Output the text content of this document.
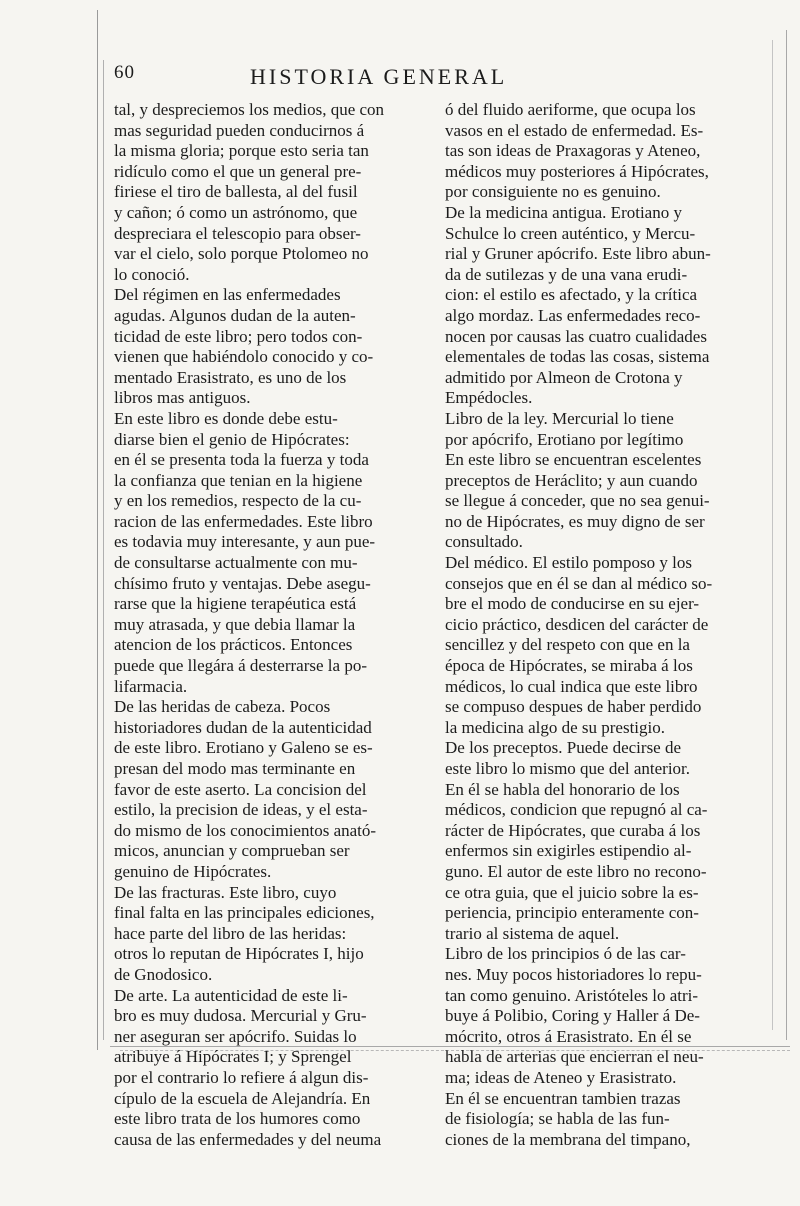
60	HISTORIA GENERAL
tal, y despreciemos los medios, que con
mas seguridad pueden conducirnos á
la misma gloria; porque esto seria tan
ridículo como el que un general pre-
firiese el tiro de ballesta, al del fusil
y cañon; ó como un astrónomo, que
despreciara el telescopio para obser-
var el cielo, solo porque Ptolomeo no
lo conoció.
Del régimen en las enfermedades
agudas. Algunos dudan de la auten-
ticidad de este libro; pero todos con-
vienen que habiéndolo conocido y co-
mentado Erasistrato, es uno de los
libros mas antiguos.
En este libro es donde debe estu-
diarse bien el genio de Hipócrates:
en él se presenta toda la fuerza y toda
la confianza que tenian en la higiene
y en los remedios, respecto de la cu-
racion de las enfermedades. Este libro
es todavia muy interesante, y aun pue-
de consultarse actualmente con mu-
chísimo fruto y ventajas. Debe asegu-
rarse que la higiene terapéutica está
muy atrasada, y que debia llamar la
atencion de los prácticos. Entonces
puede que llegára á desterrarse la po-
lifarmacia.
De las heridas de cabeza. Pocos
historiadores dudan de la autenticidad
de este libro. Erotiano y Galeno se es-
presan del modo mas terminante en
favor de este aserto. La concision del
estilo, la precision de ideas, y el esta-
do mismo de los conocimientos anató-
micos, anuncian y comprueban ser
genuino de Hipócrates.
De las fracturas. Este libro, cuyo
final falta en las principales ediciones,
hace parte del libro de las heridas:
otros lo reputan de Hipócrates I, hijo
de Gnodosico.
De arte. La autenticidad de este li-
bro es muy dudosa. Mercurial y Gru-
ner aseguran ser apócrifo. Suidas lo
atribuye á Hipócrates I; y Sprengel
por el contrario lo refiere á algun dis-
cípulo de la escuela de Alejandría. En
este libro trata de los humores como
causa de las enfermedades y del neuma
ó del fluido aeriforme, que ocupa los
vasos en el estado de enfermedad. Es-
tas son ideas de Praxagoras y Ateneo,
médicos muy posteriores á Hipócrates,
por consiguiente no es genuino.
De la medicina antigua. Erotiano y
Schulce lo creen auténtico, y Mercu-
rial y Gruner apócrifo. Este libro abun-
da de sutilezas y de una vana erudi-
cion: el estilo es afectado, y la crítica
algo mordaz. Las enfermedades reco-
nocen por causas las cuatro cualidades
elementales de todas las cosas, sistema
admitido por Almeon de Crotona y
Empédocles.
Libro de la ley. Mercurial lo tiene
por apócrifo, Erotiano por legítimo
En este libro se encuentran escelentes
preceptos de Heráclito; y aun cuando
se llegue á conceder, que no sea genui-
no de Hipócrates, es muy digno de ser
consultado.
Del médico. El estilo pomposo y los
consejos que en él se dan al médico so-
bre el modo de conducirse en su ejer-
cicio práctico, desdicen del carácter de
sencillez y del respeto con que en la
época de Hipócrates, se miraba á los
médicos, lo cual indica que este libro
se compuso despues de haber perdido
la medicina algo de su prestigio.
De los preceptos. Puede decirse de
este libro lo mismo que del anterior.
En él se habla del honorario de los
médicos, condicion que repugnó al ca-
rácter de Hipócrates, que curaba á los
enfermos sin exigirles estipendio al-
guno. El autor de este libro no recono-
ce otra guia, que el juicio sobre la es-
periencia, principio enteramente con-
trario al sistema de aquel.
Libro de los principios ó de las car-
nes. Muy pocos historiadores lo repu-
tan como genuino. Aristóteles lo atri-
buye á Polibio, Coring y Haller á De-
mócrito, otros á Erasistrato. En él se
habla de arterias que encierran el neu-
ma; ideas de Ateneo y Erasistrato.
En él se encuentran tambien trazas
de fisiología; se habla de las fun-
ciones de la membrana del timpano,
